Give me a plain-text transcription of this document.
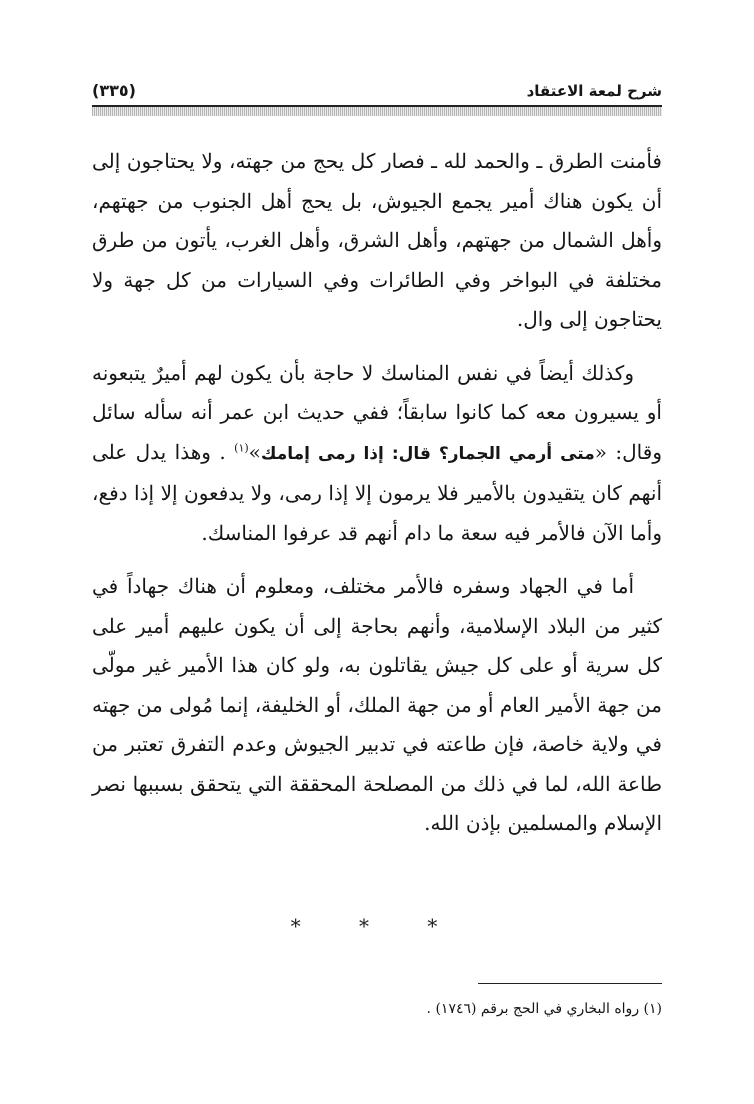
شرح لمعة الاعتقاد
(٣٣٥)

فأمنت الطرق ـ والحمد لله ـ فصار كل يحج من جهته، ولا يحتاجون إلى أن يكون هناك أمير يجمع الجيوش، بل يحج أهل الجنوب من جهتهم، وأهل الشمال من جهتهم، وأهل الشرق، وأهل الغرب، يأتون من طرق مختلفة في البواخر وفي الطائرات وفي السيارات من كل جهة ولا يحتاجون إلى وال.

وكذلك أيضاً في نفس المناسك لا حاجة بأن يكون لهم أميرٌ يتبعونه أو يسيرون معه كما كانوا سابقاً؛ ففي حديث ابن عمر أنه سأله سائل وقال: «متى أرمي الجمار؟ قال: إذا رمى إمامك»$^{(١)}$ . وهذا يدل على أنهم كان يتقيدون بالأمير فلا يرمون إلا إذا رمى، ولا يدفعون إلا إذا دفع، وأما الآن فالأمر فيه سعة ما دام أنهم قد عرفوا المناسك.

أما في الجهاد وسفره فالأمر مختلف، ومعلوم أن هناك جهاداً في كثير من البلاد الإسلامية، وأنهم بحاجة إلى أن يكون عليهم أمير على كل سرية أو على كل جيش يقاتلون به، ولو كان هذا الأمير غير مولّى من جهة الأمير العام أو من جهة الملك، أو الخليفة، إنما مُولى من جهته في ولاية خاصة، فإن طاعته في تدبير الجيوش وعدم التفرق تعتبر من طاعة الله، لما في ذلك من المصلحة المحققة التي يتحقق بسببها نصر الإسلام والمسلمين بإذن الله.

* * *
(١) رواه البخاري في الحج برقم (١٧٤٦) .
